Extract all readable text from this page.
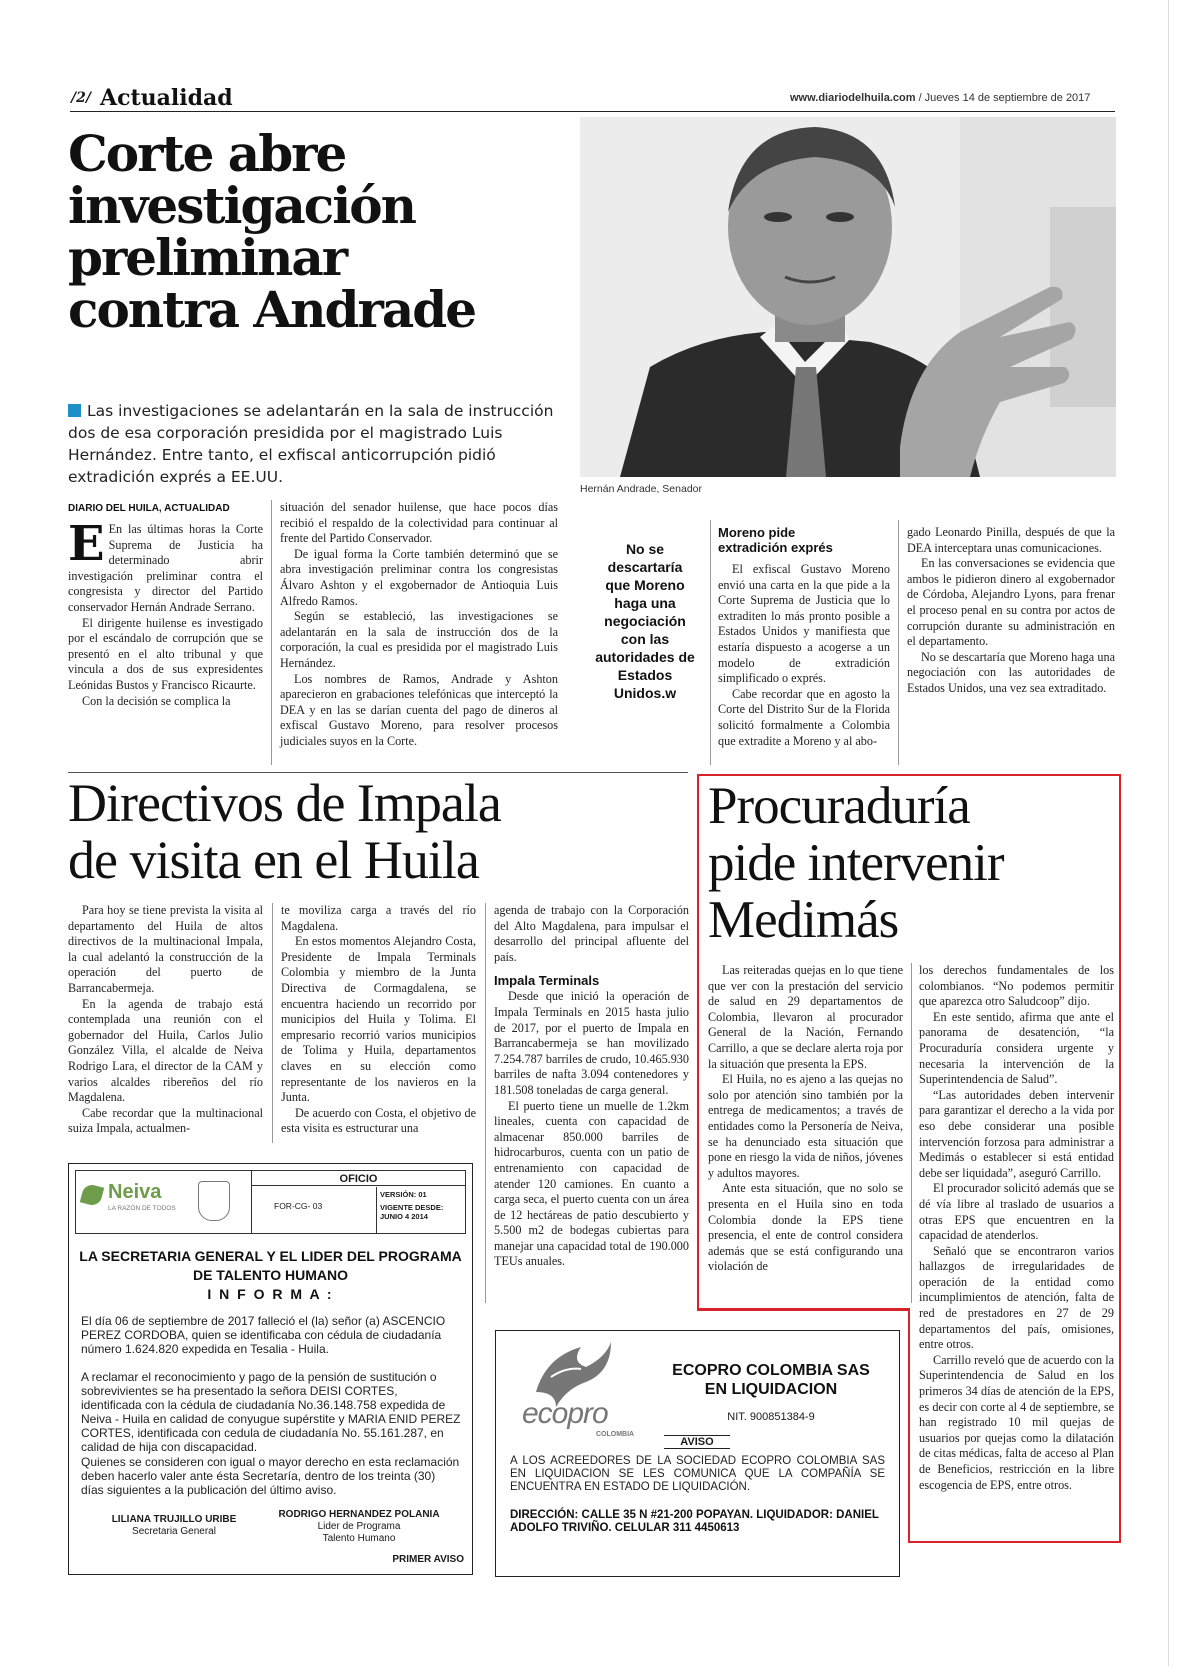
/2/ Actualidad	www.diariodelhuila.com / Jueves 14 de septiembre de 2017
Corte abre
investigación
preliminar
contra Andrade
Las investigaciones se adelantarán en la sala de instrucción dos de esa corporación presidida por el magistrado Luis Hernández. Entre tanto, el exfiscal anticorrupción pidió extradición exprés a EE.UU.
Hernán Andrade, Senador
DIARIO DEL HUILA, ACTUALIDAD

E En las últimas horas la Corte Suprema de Justicia ha determinado abrir investigación preliminar contra el congresista y director del Partido conservador Hernán Andrade Serrano.

El dirigente huilense es investigado por el escándalo de corrupción que se presentó en el alto tribunal y que vincula a dos de sus expresidentes Leónidas Bustos y Francisco Ricaurte.

Con la decisión se complica la

situación del senador huilense, que hace pocos días recibió el respaldo de la colectividad para continuar al frente del Partido Conservador.

De igual forma la Corte también determinó que se abra investigación preliminar contra los congresistas Álvaro Ashton y el exgobernador de Antioquia Luis Alfredo Ramos.

Según se estableció, las investigaciones se adelantarán en la sala de instrucción dos de la corporación, la cual es presidida por el magistrado Luis Hernández.

Los nombres de Ramos, Andrade y Ashton aparecieron en grabaciones telefónicas que interceptó la DEA y en las se darían cuenta del pago de dineros al exfiscal Gustavo Moreno, para resolver procesos judiciales suyos en la Corte.

No se descartaría que Moreno haga una negociación con las autoridades de Estados Unidos.w
Moreno pide extradición exprés

El exfiscal Gustavo Moreno envió una carta en la que pide a la Corte Suprema de Justicia que lo extraditen lo más pronto posible a Estados Unidos y manifiesta que estaría dispuesto a acogerse a un modelo de extradición simplificado o exprés.

Cabe recordar que en agosto la Corte del Distrito Sur de la Florida solicitó formalmente a Colombia que extradite a Moreno y al abo-

gado Leonardo Pinilla, después de que la DEA interceptara unas comunicaciones.

En las conversaciones se evidencia que ambos le pidieron dinero al exgobernador de Córdoba, Alejandro Lyons, para frenar el proceso penal en su contra por actos de corrupción durante su administración en el departamento.

No se descartaría que Moreno haga una negociación con las autoridades de Estados Unidos, una vez sea extraditado.

Directivos de Impala
de visita en el Huila

Para hoy se tiene prevista la visita al departamento del Huila de altos directivos de la multinacional Impala, la cual adelantó la construcción de la operación del puerto de Barrancabermeja.

En la agenda de trabajo está contemplada una reunión con el gobernador del Huila, Carlos Julio González Villa, el alcalde de Neiva Rodrigo Lara, el director de la CAM y varios alcaldes ribereños del río Magdalena.

Cabe recordar que la multinacional suiza Impala, actualmen-

te moviliza carga a través del río Magdalena.

En estos momentos Alejandro Costa, Presidente de Impala Terminals Colombia y miembro de la Junta Directiva de Cormagdalena, se encuentra haciendo un recorrido por municipios del Huila y Tolima. El empresario recorrió varios municipios de Tolima y Huila, departamentos claves en su elección como representante de los navieros en la Junta.

De acuerdo con Costa, el objetivo de esta visita es estructurar una

agenda de trabajo con la Corporación del Alto Magdalena, para impulsar el desarrollo del principal afluente del país.

Impala Terminals

Desde que inició la operación de Impala Terminals en 2015 hasta julio de 2017, por el puerto de Impala en Barrancabermeja se han movilizado 7.254.787 barriles de crudo, 10.465.930 barriles de nafta 3.094 contenedores y 181.508 toneladas de carga general.

El puerto tiene un muelle de 1.2km lineales, cuenta con capacidad de almacenar 850.000 barriles de hidrocarburos, cuenta con un patio de entrenamiento con capacidad de atender 120 camiones. En cuanto a carga seca, el puerto cuenta con un área de 12 hectáreas de patio descubierto y 5.500 m2 de bodegas cubiertas para manejar una capacidad total de 190.000 TEUs anuales.

Procuraduría
pide intervenir
Medimás

Las reiteradas quejas en lo que tiene que ver con la prestación del servicio de salud en 29 departamentos de Colombia, llevaron al procurador General de la Nación, Fernando Carrillo, a que se declare alerta roja por la situación que presenta la EPS.

El Huila, no es ajeno a las quejas no solo por atención sino también por la entrega de medicamentos; a través de entidades como la Personería de Neiva, se ha denunciado esta situación que pone en riesgo la vida de niños, jóvenes y adultos mayores.

Ante esta situación, que no solo se presenta en el Huila sino en toda Colombia donde la EPS tiene presencia, el ente de control considera además que se está configurando una violación de

los derechos fundamentales de los colombianos. “No podemos permitir que aparezca otro Saludcoop” dijo.

En este sentido, afirma que ante el panorama de desatención, “la Procuraduría considera urgente y necesaria la intervención de la Superintendencia de Salud”.

“Las autoridades deben intervenir para garantizar el derecho a la vida por eso debe considerar una posible intervención forzosa para administrar a Medimás o establecer si está entidad debe ser liquidada”, aseguró Carrillo.

El procurador solicitó además que se dé vía libre al traslado de usuarios a otras EPS que encuentren en la capacidad de atenderlos.

Señaló que se encontraron varios hallazgos de irregularidades de operación de la entidad como incumplimientos de atención, falta de red de prestadores en 27 de 29 departamentos del país, omisiones, entre otros.

Carrillo reveló que de acuerdo con la Superintendencia de Salud en los primeros 34 días de atención de la EPS, es decir con corte al 4 de septiembre, se han registrado 10 mil quejas de usuarios por quejas como la dilatación de citas médicas, falta de acceso al Plan de Beneficios, restricción en la libre escogencia de EPS, entre otros.

Neiva
LA RAZÓN DE TODOS
OFICIO
FOR-CG- 03
VERSIÓN: 01
VIGENTE DESDE: JUNIO 4 2014
LA SECRETARIA GENERAL Y EL LIDER DEL PROGRAMA
DE TALENTO HUMANO
I N F O R M A :
El día 06 de septiembre de 2017 falleció el (la) señor (a) ASCENCIO PEREZ CORDOBA, quien se identificaba con cédula de ciudadanía número 1.624.820 expedida en Tesalia - Huila.
A reclamar el reconocimiento y pago de la pensión de sustitución o sobrevivientes se ha presentado la señora DEISI CORTES, identificada con la cédula de ciudadanía No.36.148.758 expedida de Neiva - Huila en calidad de conyugue supérstite y MARIA ENID PEREZ CORTES, identificada con cedula de ciudadanía No. 55.161.287, en calidad de hija con discapacidad.
Quienes se consideren con igual o mayor derecho en esta reclamación deben hacerlo valer ante ésta Secretaría, dentro de los treinta (30) días siguientes a la publicación del último aviso.
LILIANA TRUJILLO URIBE
Secretaria General
RODRIGO HERNANDEZ POLANIA
Lider de Programa
Talento Humano
PRIMER AVISO
ecopro
COLOMBIA
ECOPRO COLOMBIA SAS
EN LIQUIDACION
NIT. 900851384-9
AVISO
A LOS ACREEDORES DE LA SOCIEDAD ECOPRO COLOMBIA SAS EN LIQUIDACION SE LES COMUNICA QUE LA COMPAÑÍA SE ENCUENTRA EN ESTADO DE LIQUIDACIÓN.
DIRECCIÓN: CALLE 35 N #21-200 POPAYAN. LIQUIDADOR: DANIEL ADOLFO TRIVIÑO. CELULAR 311 4450613
